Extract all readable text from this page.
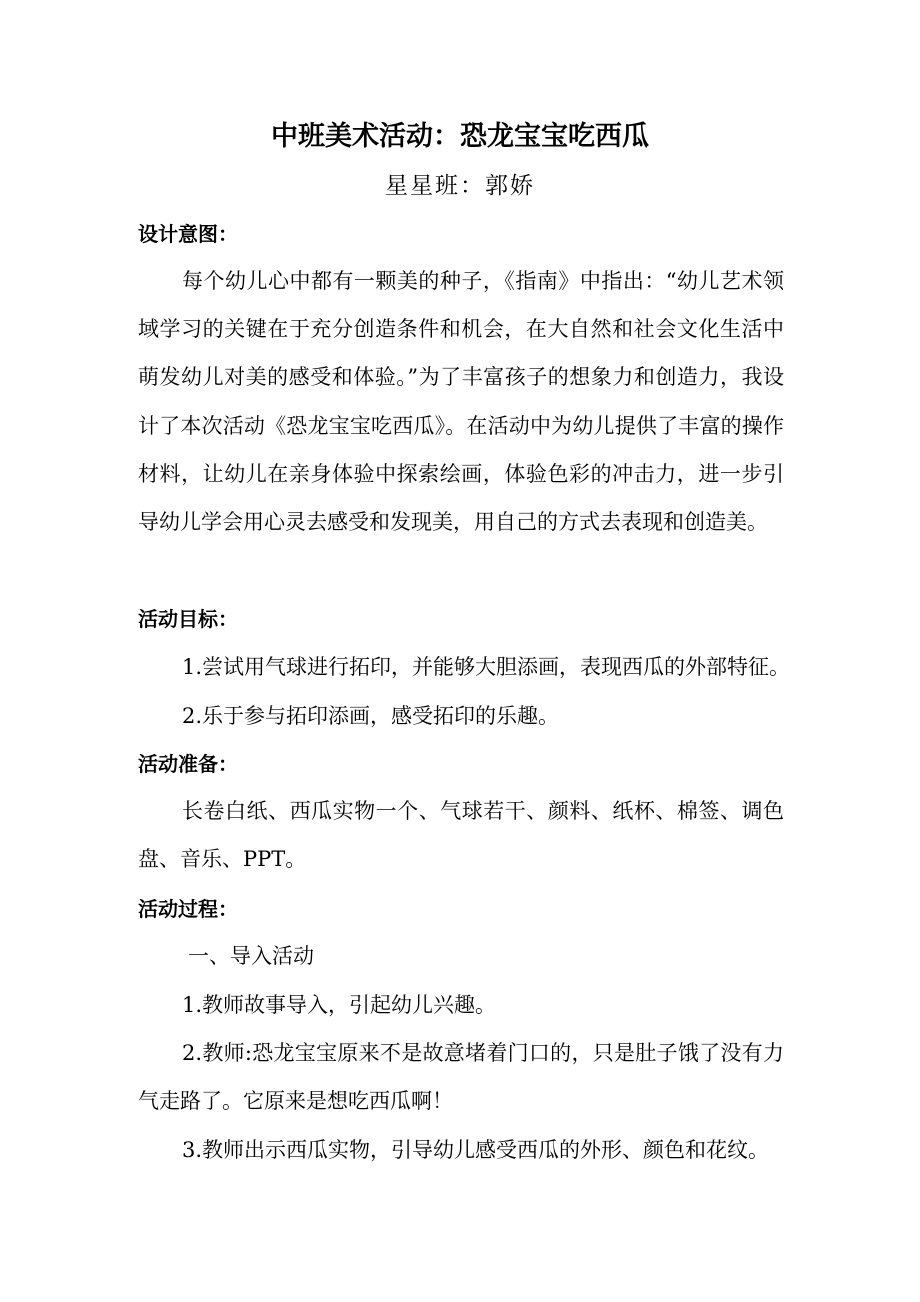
中班美术活动：恐龙宝宝吃西瓜
星星班：郭娇
设计意图：
每个幼儿心中都有一颗美的种子，《指南》中指出：“幼儿艺术领域学习的关键在于充分创造条件和机会，在大自然和社会文化生活中萌发幼儿对美的感受和体验。”为了丰富孩子的想象力和创造力，我设计了本次活动《恐龙宝宝吃西瓜》。在活动中为幼儿提供了丰富的操作材料，让幼儿在亲身体验中探索绘画，体验色彩的冲击力，进一步引导幼儿学会用心灵去感受和发现美，用自己的方式去表现和创造美。
活动目标：
1.尝试用气球进行拓印，并能够大胆添画，表现西瓜的外部特征。
2.乐于参与拓印添画，感受拓印的乐趣。
活动准备：
长卷白纸、西瓜实物一个、气球若干、颜料、纸杯、棉签、调色盘、音乐、PPT。
活动过程：
一、导入活动
1.教师故事导入，引起幼儿兴趣。
2.教师:恐龙宝宝原来不是故意堵着门口的，只是肚子饿了没有力气走路了。它原来是想吃西瓜啊！
3.教师出示西瓜实物，引导幼儿感受西瓜的外形、颜色和花纹。
